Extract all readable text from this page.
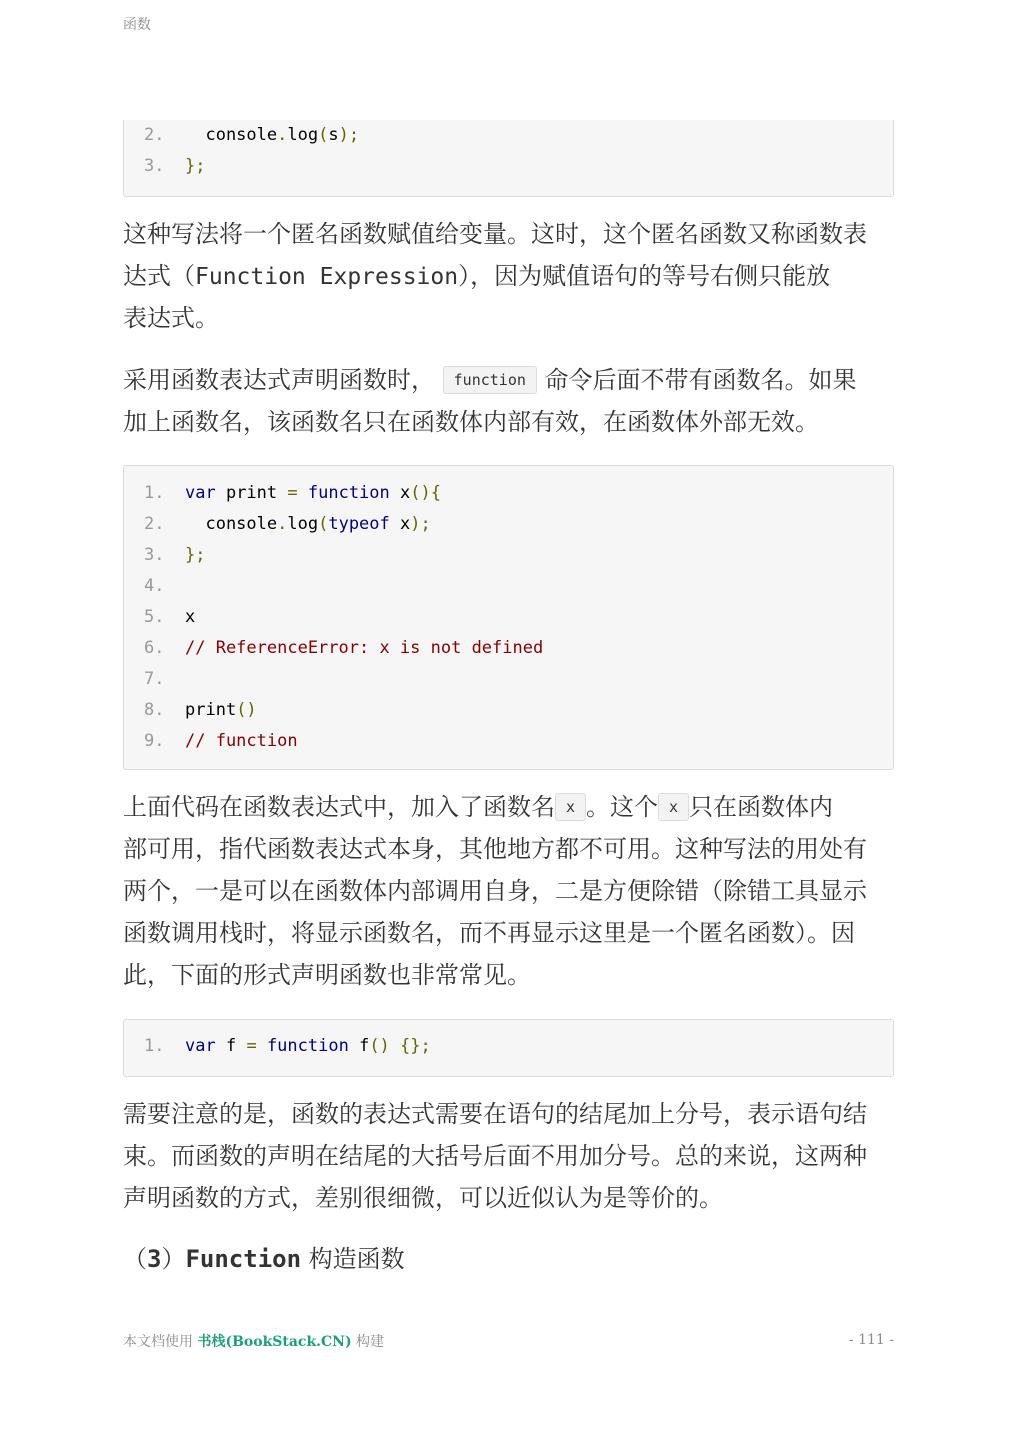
函数
2.	console.log(s);
3.	};
这种写法将一个匿名函数赋值给变量。这时，这个匿名函数又称函数表
达式（Function Expression），因为赋值语句的等号右侧只能放
表达式。
采用函数表达式声明函数时， function 命令后面不带有函数名。如果
加上函数名，该函数名只在函数体内部有效，在函数体外部无效。
1.	var print = function x(){
2.	console.log(typeof x);
3.	};
4.
5.	x
6.	// ReferenceError: x is not defined
7.
8.	print()
9.	// function
上面代码在函数表达式中，加入了函数名 x 。这个 x 只在函数体内
部可用，指代函数表达式本身，其他地方都不可用。这种写法的用处有
两个，一是可以在函数体内部调用自身，二是方便除错（除错工具显示
函数调用栈时，将显示函数名，而不再显示这里是一个匿名函数）。因
此，下面的形式声明函数也非常常见。
1.	var f = function f() {};
需要注意的是，函数的表达式需要在语句的结尾加上分号，表示语句结
束。而函数的声明在结尾的大括号后面不用加分号。总的来说，这两种
声明函数的方式，差别很细微，可以近似认为是等价的。
（3）Function 构造函数
本文档使用 书栈(BookStack.CN) 构建	- 111 -
